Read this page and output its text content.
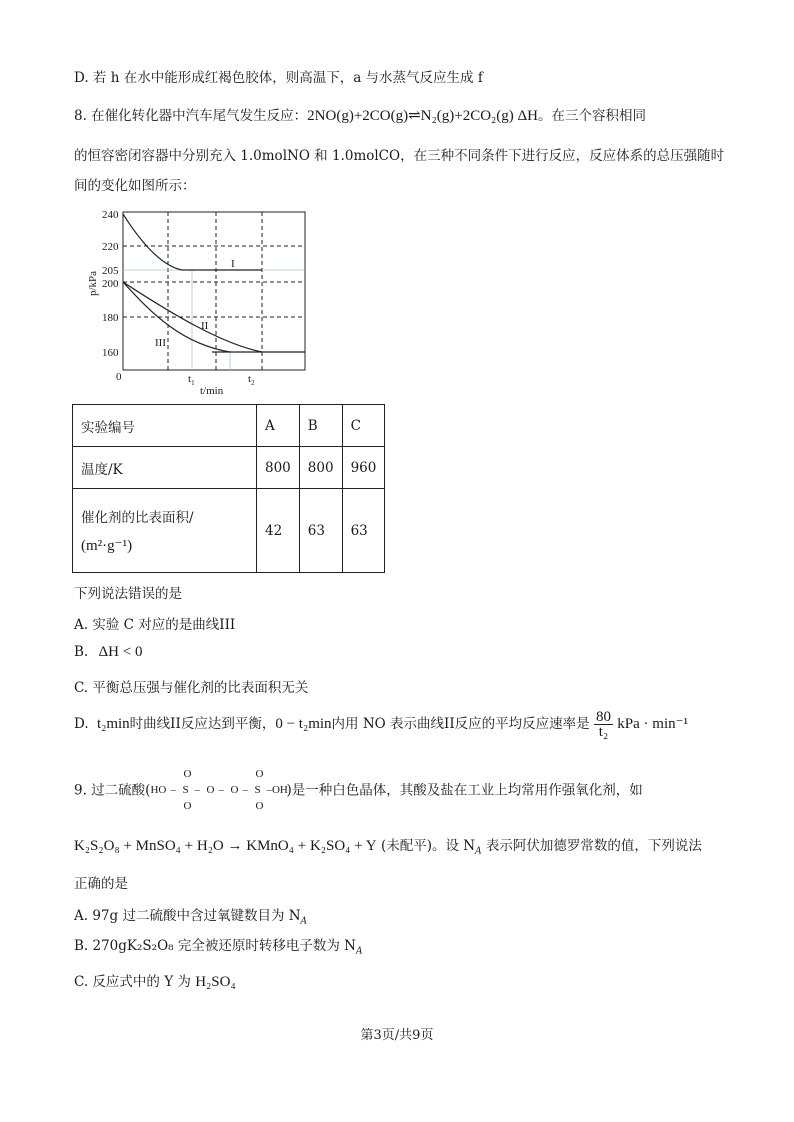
D. 若 h 在水中能形成红褐色胶体，则高温下，a 与水蒸气反应生成 f
8. 在催化转化器中汽车尾气发生反应：2NO(g)+2CO(g)⇌N₂(g)+2CO₂(g) ΔH。在三个容积相同
的恒容密闭容器中分别充入 1.0molNO 和 1.0molCO，在三种不同条件下进行反应，反应体系的总压强随时
间的变化如图所示：
I
II
III
240
220
205
200
180
160
p/kPa
0	$t_1$
t/min
$t_2$
实验编号	A	B	C
温度/K	800	800	960

催化剂的比表面积/
(m²·g⁻¹)	42	63	63
下列说法错误的是
A. 实验 C 对应的是曲线III
B. ΔH < 0
C. 平衡总压强与催化剂的比表面积无关
D. t₂min时曲线II反应达到平衡，0 − t₂min内用 NO 表示曲线II反应的平均反应速率是 $\frac{80}{\text{t₂}}$ kPa · min⁻¹
9. 过二硫酸( HO – S
O
O
– O – O – S
O
O
–OH
)是一种白色晶体，其酸及盐在工业上均常用作强氧化剂，如
K₂S₂O₈ + MnSO₄ + H₂O → KMnO₄ + K₂SO₄ + Y (未配平)。设 $N_A$ 表示阿伏加德罗常数的值，下列说法
正确的是
A. 97g 过二硫酸中含过氧键数目为 $N_A$
B. 270gK₂S₂O₈ 完全被还原时转移电子数为 $N_A$
C. 反应式中的 Y 为 H₂SO₄
第3页/共9页
